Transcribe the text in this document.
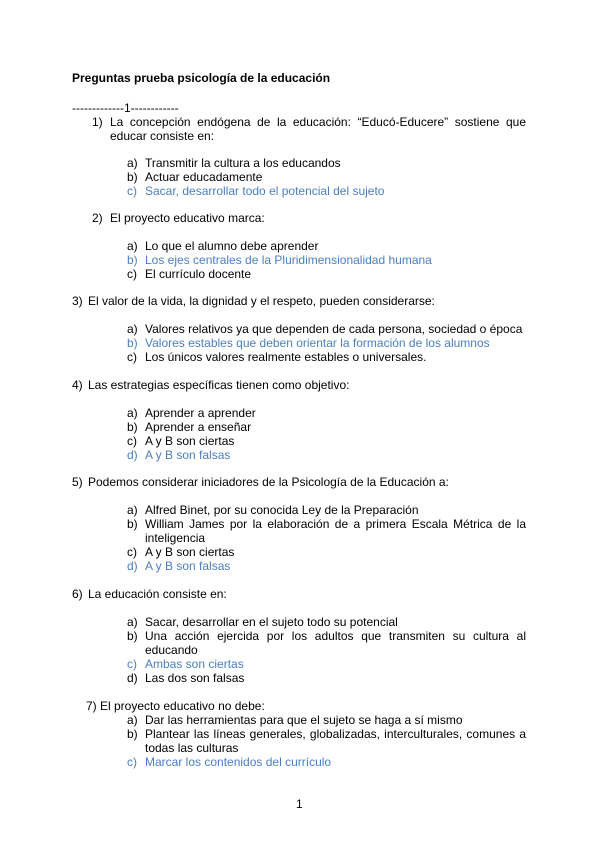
Preguntas prueba psicología de la educación
-------------1------------
1) La concepción endógena de la educación: “Educó-Educere” sostiene que
educar consiste en:
a) Transmitir la cultura a los educandos
b) Actuar educadamente
c) Sacar, desarrollar todo el potencial del sujeto
2) El proyecto educativo marca:
a) Lo que el alumno debe aprender
b) Los ejes centrales de la Pluridimensionalidad humana
c) El currículo docente
3) El valor de la vida, la dignidad y el respeto, pueden considerarse:
a) Valores relativos ya que dependen de cada persona, sociedad o época
b) Valores estables que deben orientar la formación de los alumnos
c) Los únicos valores realmente estables o universales.
4) Las estrategias específicas tienen como objetivo:
a) Aprender a aprender
b) Aprender a enseñar
c) A y B son ciertas
d) A y B son falsas
5) Podemos considerar iniciadores de la Psicología de la Educación a:
a) Alfred Binet, por su conocida Ley de la Preparación
b) William James por la elaboración de a primera Escala Métrica de la
inteligencia
c) A y B son ciertas
d) A y B son falsas
6) La educación consiste en:
a) Sacar, desarrollar en el sujeto todo su potencial
b) Una acción ejercida por los adultos que transmiten su cultura al
educando
c) Ambas son ciertas
d) Las dos son falsas
7) El proyecto educativo no debe:
a) Dar las herramientas para que el sujeto se haga a sí mismo
b) Plantear las líneas generales, globalizadas, interculturales, comunes a
todas las culturas
c) Marcar los contenidos del currículo
1
